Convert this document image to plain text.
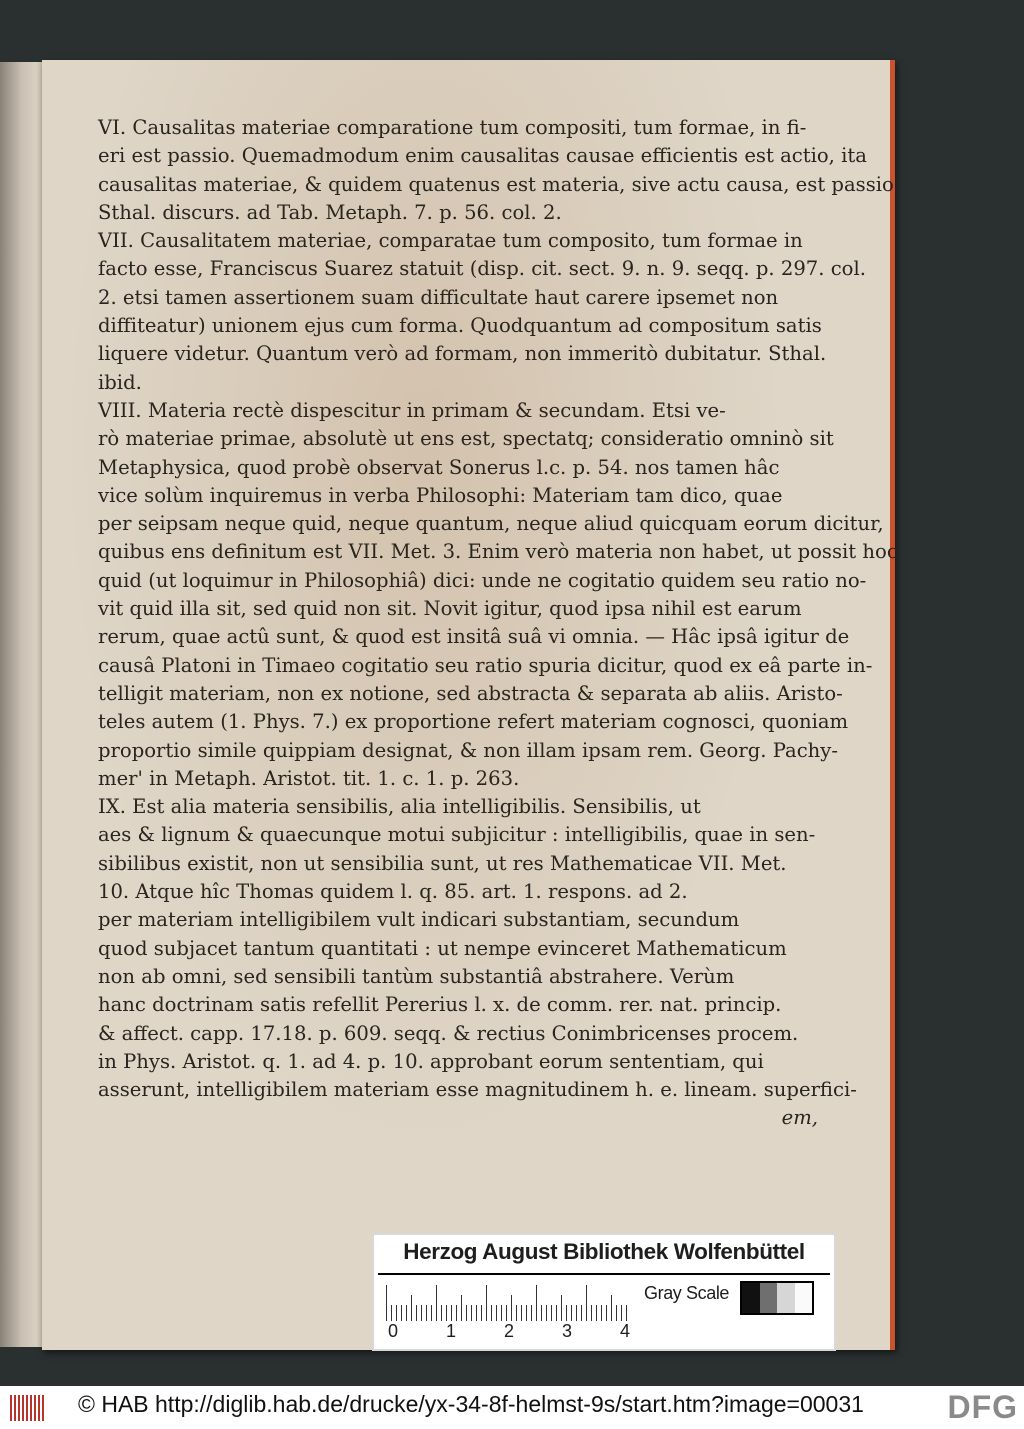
VI. Causalitas materiae comparatione tum compositi, tum formae, in fi-
eri est passio. Quemadmodum enim causalitas causae efficientis est actio, ita
causalitas materiae, & quidem quatenus est materia, sive actu causa, est passio.
Sthal. discurs. ad Tab. Metaph. 7. p. 56. col. 2.
VII. Causalitatem materiae, comparatae tum composito, tum formae in
facto esse, Franciscus Suarez statuit (disp. cit. sect. 9. n. 9. seqq. p. 297. col.
2. etsi tamen assertionem suam difficultate haut carere ipsemet non
diffiteatur) unionem ejus cum forma. Quodquantum ad compositum satis
liquere videtur. Quantum verò ad formam, non immeritò dubitatur. Sthal.
ibid.
VIII. Materia rectè dispescitur in primam & secundam. Etsi ve-
rò materiae primae, absolutè ut ens est, spectatq; consideratio omninò sit
Metaphysica, quod probè observat Sonerus l.c. p. 54. nos tamen hâc
vice solùm inquiremus in verba Philosophi: Materiam tam dico, quae
per seipsam neque quid, neque quantum, neque aliud quicquam eorum dicitur,
quibus ens definitum est VII. Met. 3. Enim verò materia non habet, ut possit hoc
quid (ut loquimur in Philosophiâ) dici: unde ne cogitatio quidem seu ratio no-
vit quid illa sit, sed quid non sit. Novit igitur, quod ipsa nihil est earum
rerum, quae actû sunt, & quod est insitâ suâ vi omnia. — Hâc ipsâ igitur de
causâ Platoni in Timaeo cogitatio seu ratio spuria dicitur, quod ex eâ parte in-
telligit materiam, non ex notione, sed abstracta & separata ab aliis. Aristo-
teles autem (1. Phys. 7.) ex proportione refert materiam cognosci, quoniam
proportio simile quippiam designat, & non illam ipsam rem. Georg. Pachy-
mer' in Metaph. Aristot. tit. 1. c. 1. p. 263.
IX. Est alia materia sensibilis, alia intelligibilis. Sensibilis, ut
aes & lignum & quaecunque motui subjicitur : intelligibilis, quae in sen-
sibilibus existit, non ut sensibilia sunt, ut res Mathematicae VII. Met.
10. Atque hîc Thomas quidem l. q. 85. art. 1. respons. ad 2.
per materiam intelligibilem vult indicari substantiam, secundum
quod subjacet tantum quantitati : ut nempe evinceret Mathematicum
non ab omni, sed sensibili tantùm substantiâ abstrahere. Verùm
hanc doctrinam satis refellit Pererius l. x. de comm. rer. nat. princip.
& affect. capp. 17.18. p. 609. seqq. & rectius Conimbricenses procem.
in Phys. Aristot. q. 1. ad 4. p. 10. approbant eorum sententiam, qui
asserunt, intelligibilem materiam esse magnitudinem h. e. lineam. superfici-
em,
Herzog August Bibliothek Wolfenbüttel
0	1	2	3	4
Gray Scale
© HAB http://diglib.hab.de/drucke/yx-34-8f-helmst-9s/start.htm?image=00031	DFG
